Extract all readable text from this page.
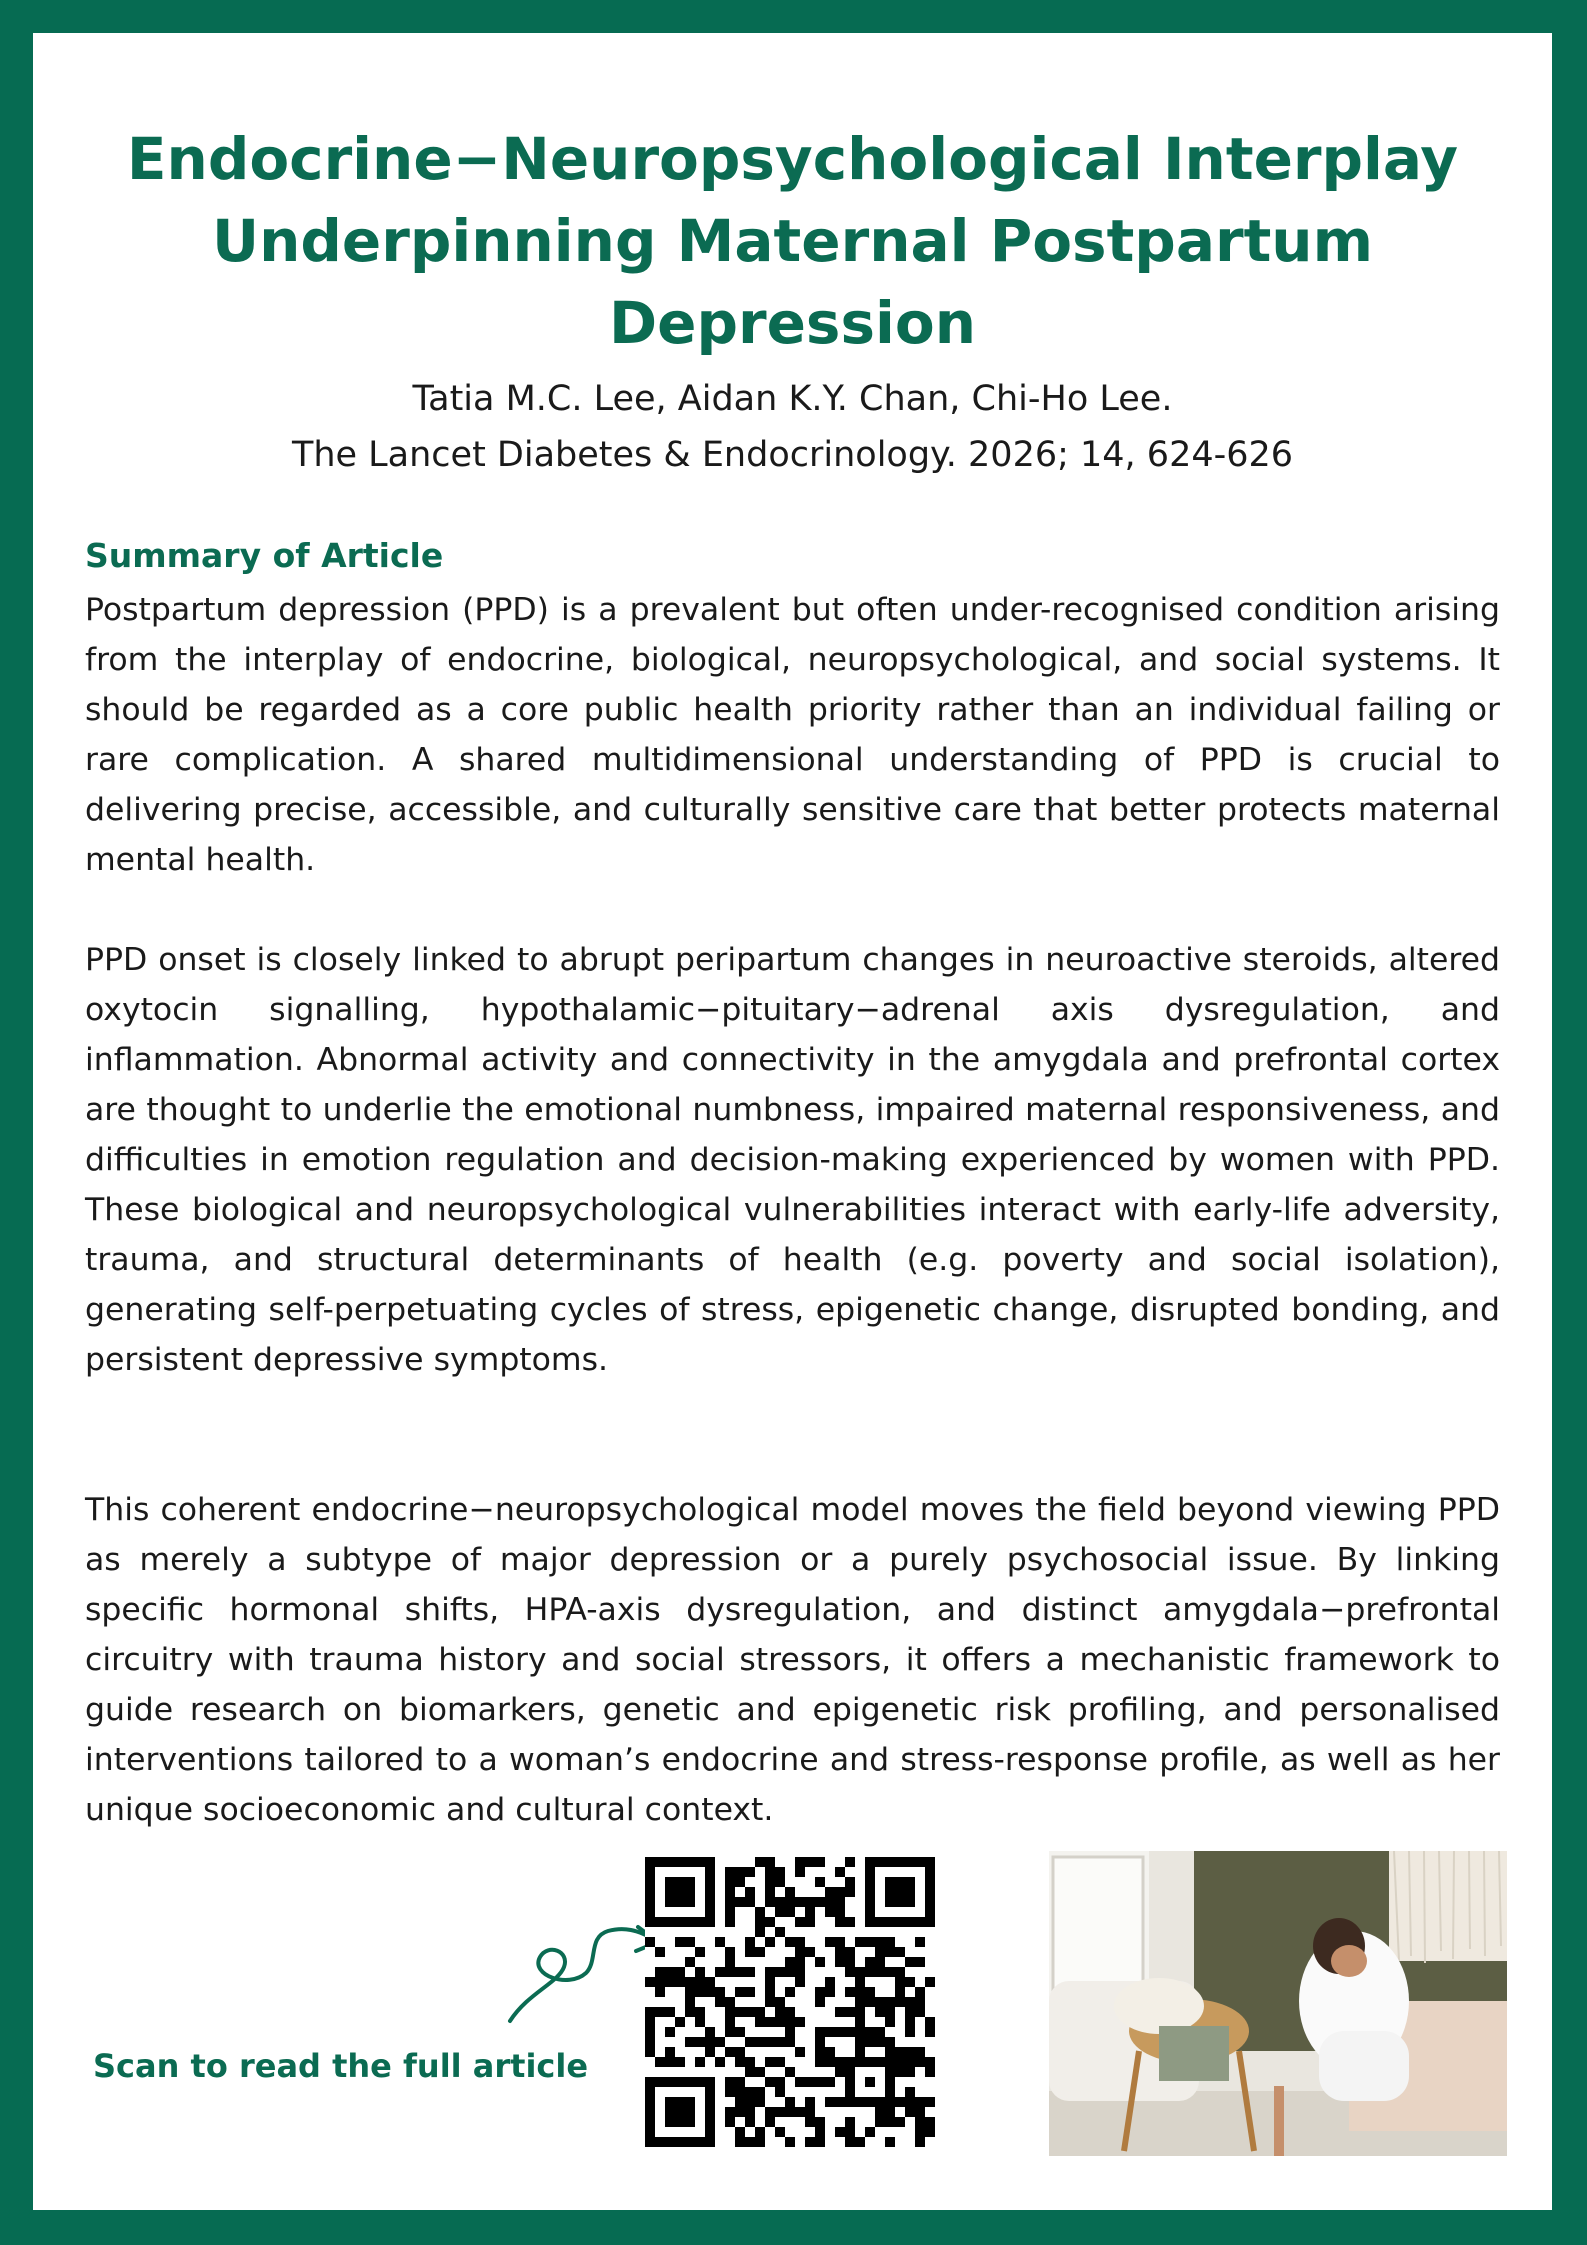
Endocrine−Neuropsychological Interplay
Underpinning Maternal Postpartum Depression
Tatia M.C. Lee, Aidan K.Y. Chan, Chi-Ho Lee.
The Lancet Diabetes & Endocrinology. 2026; 14, 624-626
Summary of Article

Postpartum depression (PPD) is a prevalent but often under-recognised condition arising from the interplay of endocrine, biological, neuropsychological, and social systems. It should be regarded as a core public health priority rather than an individual failing or rare complication. A shared multidimensional understanding of PPD is crucial to delivering precise, accessible, and culturally sensitive care that better protects maternal mental health.

PPD onset is closely linked to abrupt peripartum changes in neuroactive steroids, altered oxytocin signalling, hypothalamic−pituitary−adrenal axis dysregulation, and inflammation. Abnormal activity and connectivity in the amygdala and prefrontal cortex are thought to underlie the emotional numbness, impaired maternal responsiveness, and difficulties in emotion regulation and decision-making experienced by women with PPD. These biological and neuropsychological vulnerabilities interact with early-life adversity, trauma, and structural determinants of health (e.g. poverty and social isolation), generating self-perpetuating cycles of stress, epigenetic change, disrupted bonding, and persistent depressive symptoms.

This coherent endocrine−neuropsychological model moves the field beyond viewing PPD as merely a subtype of major depression or a purely psychosocial issue. By linking specific hormonal shifts, HPA-axis dysregulation, and distinct amygdala−prefrontal circuitry with trauma history and social stressors, it offers a mechanistic framework to guide research on biomarkers, genetic and epigenetic risk profiling, and personalised interventions tailored to a woman’s endocrine and stress-response profile, as well as her unique socioeconomic and cultural context.

Scan to read the full article
